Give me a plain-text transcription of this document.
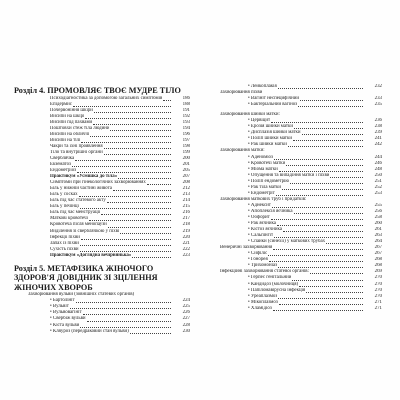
Розділ 4. ПРОМОВЛЯЄ ТВОЄ МУДРЕ ТІЛО

Психодіагностика за допомогою загальних симптомів	186
Епідермис	188
Почервоніння шкіри	191
Висипи на шкірі	192
Висипи під пахвами	193
Поштовхи стеж тіла людини	194
Висипи на обличчі	196
Висипи на тілі	197
Чакри та їхні проявлення	198
Тіло та внутрішні органи	199
Сверблячка	200
Екзематоз	201
Ендометріоз	205
Практикум «Усмішка до тіла»	207
Симптоми при гінекологічних захворюваннях	208
Біль у нижній частині живота	212
Біль у сосках	213
Біль під час статевого акту	214
Біль у печінці	215
Біль під час менструації	216
Маткові кровотечі	217
Кровотеча після менопаузи	218
Виділення зі сверблячкою у піхві	219
Інфекції піхви	220
Запах із піхви	221
Сухість піхви	222
Практикум «Доглядна вечірнянька»	223

Розділ 5. МЕТАФІЗИКА ЖІНОЧОГО ЗДОРОВ'Я ДОВІДНИК ЗІ ЗЦІЛЕННЯ ЖІНОЧИХ ХВОРОБ

Захворювання вульви (зовнішніх статевих органів)
• Бартолініт	224
• Вульвіт	225
• Вульвовагініт	226
• Свербіж вульви	227
• Кіста вульви	228
• Кляуроз (передраковий стан вульви)	230
• Лейкоплакія	232
Захворювання піхви
• Вагініт неспецифічний	233
• Бактеріальний вагіноз	235
Захворювання шийки матки:
• Цервіцит	236
• Ерозія шийки матки	238
• Дисплазія шийки матки	239
• Поліп шийки матки	241
• Рак шийки матки	242
Захворювання матки:
• Аденоміоз	244
• Кровотечі матки	246
• Міома матки	248
• Опущення та випадіння матки і піхви	250
• Поліп ендометрію	251
• Рак тіла матки	252
• Ендометріт	253
Захворювання маткових труб і придатків:
• Аднексит	255
• Апоплексія яєчника	256
• Оофорит	258
• Рак яєчника	260
• Кістоз яєчника	261
• Сальпінгіт	263
• Спайки (синехії) у маткових трубах	264
Венеричні захворювання	267
• Сифіліс	267
• Гонорея	268
• Трихомоніаз	268
Інфекційні захворювання статевої органів:	269
• Герпес генітальний	270
• Кандидоз (молочниця)	270
• Папіломавірусна інфекція	270
• Уреаплазмоз	270
• Мікоплазмоз	271
• Хламідіоз	271
